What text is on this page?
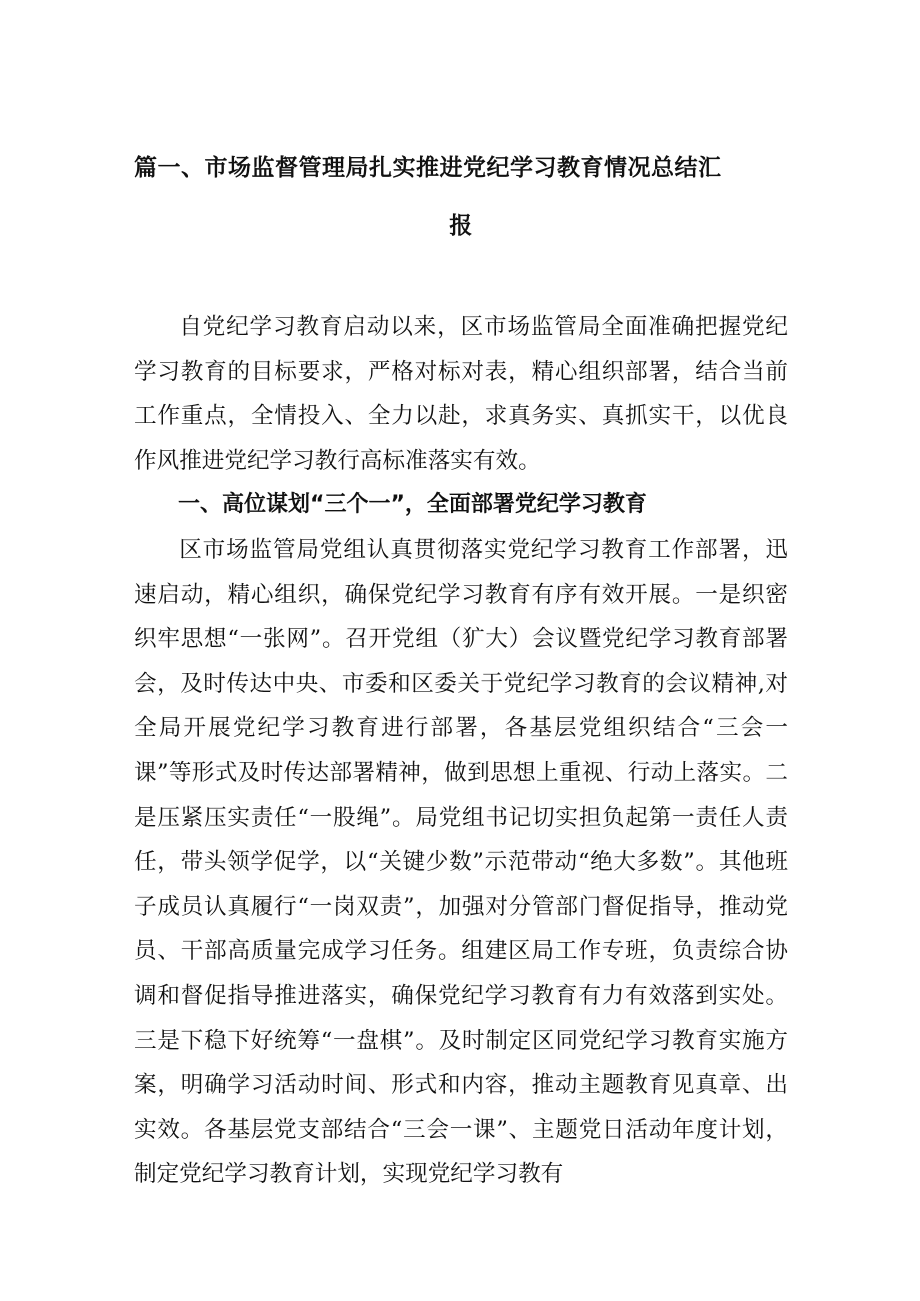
篇一、市场监督管理局扎实推进党纪学习教育情况总结汇
报

自党纪学习教育启动以来，区市场监管局全面准确把握党纪学习教育的目标要求，严格对标对表，精心组织部署，结合当前工作重点，全情投入、全力以赴，求真务实、真抓实干，以优良作风推进党纪学习教行高标准落实有效。

一、高位谋划“三个一”，全面部署党纪学习教育

区市场监管局党组认真贯彻落实党纪学习教育工作部署，迅速启动，精心组织，确保党纪学习教育有序有效开展。一是织密织牢思想“一张网”。召开党组（犷大）会议暨党纪学习教育部署会，及时传达中央、市委和区委关于党纪学习教育的会议精神,对全局开展党纪学习教育进行部署，各基层党组织结合“三会一课”等形式及时传达部署精神，做到思想上重视、行动上落实。二是压紧压实责任“一股绳”。局党组书记切实担负起第一责任人责任，带头领学促学，以“关键少数”示范带动“绝大多数”。其他班子成员认真履行“一岗双责”，加强对分管部门督促指导，推动党员、干部高质量完成学习任务。组建区局工作专班，负责综合协调和督促指导推进落实，确保党纪学习教育有力有效落到实处。三是下稳下好统筹“一盘棋”。及时制定区同党纪学习教育实施方案，明确学习活动时间、形式和内容，推动主题教育见真章、出实效。各基层党支部结合“三会一课”、主题党日活动年度计划，制定党纪学习教育计划，实现党纪学习教有
